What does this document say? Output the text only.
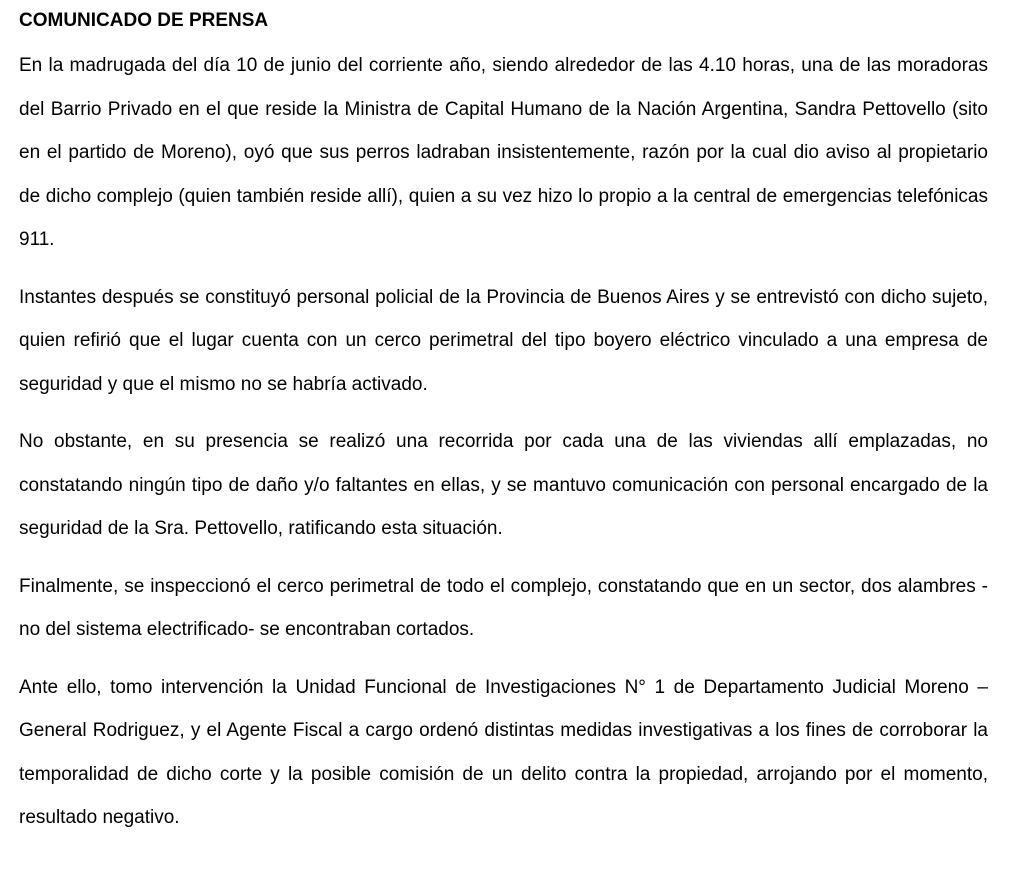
COMUNICADO DE PRENSA

En la madrugada del día 10 de junio del corriente año, siendo alrededor de las 4.10 horas, una de las moradoras del Barrio Privado en el que reside la Ministra de Capital Humano de la Nación Argentina, Sandra Pettovello (sito en el partido de Moreno), oyó que sus perros ladraban insistentemente, razón por la cual dio aviso al propietario de dicho complejo (quien también reside allí), quien a su vez hizo lo propio a la central de emergencias telefónicas 911.

Instantes después se constituyó personal policial de la Provincia de Buenos Aires y se entrevistó con dicho sujeto, quien refirió que el lugar cuenta con un cerco perimetral del tipo boyero eléctrico vinculado a una empresa de seguridad y que el mismo no se habría activado.

No obstante, en su presencia se realizó una recorrida por cada una de las viviendas allí emplazadas, no constatando ningún tipo de daño y/o faltantes en ellas, y se mantuvo comunicación con personal encargado de la seguridad de la Sra. Pettovello, ratificando esta situación.

Finalmente, se inspeccionó el cerco perimetral de todo el complejo, constatando que en un sector, dos alambres -no del sistema electrificado- se encontraban cortados.

Ante ello, tomo intervención la Unidad Funcional de Investigaciones N° 1 de Departamento Judicial Moreno – General Rodriguez, y el Agente Fiscal a cargo ordenó distintas medidas investigativas a los fines de corroborar la temporalidad de dicho corte y la posible comisión de un delito contra la propiedad, arrojando por el momento, resultado negativo.
